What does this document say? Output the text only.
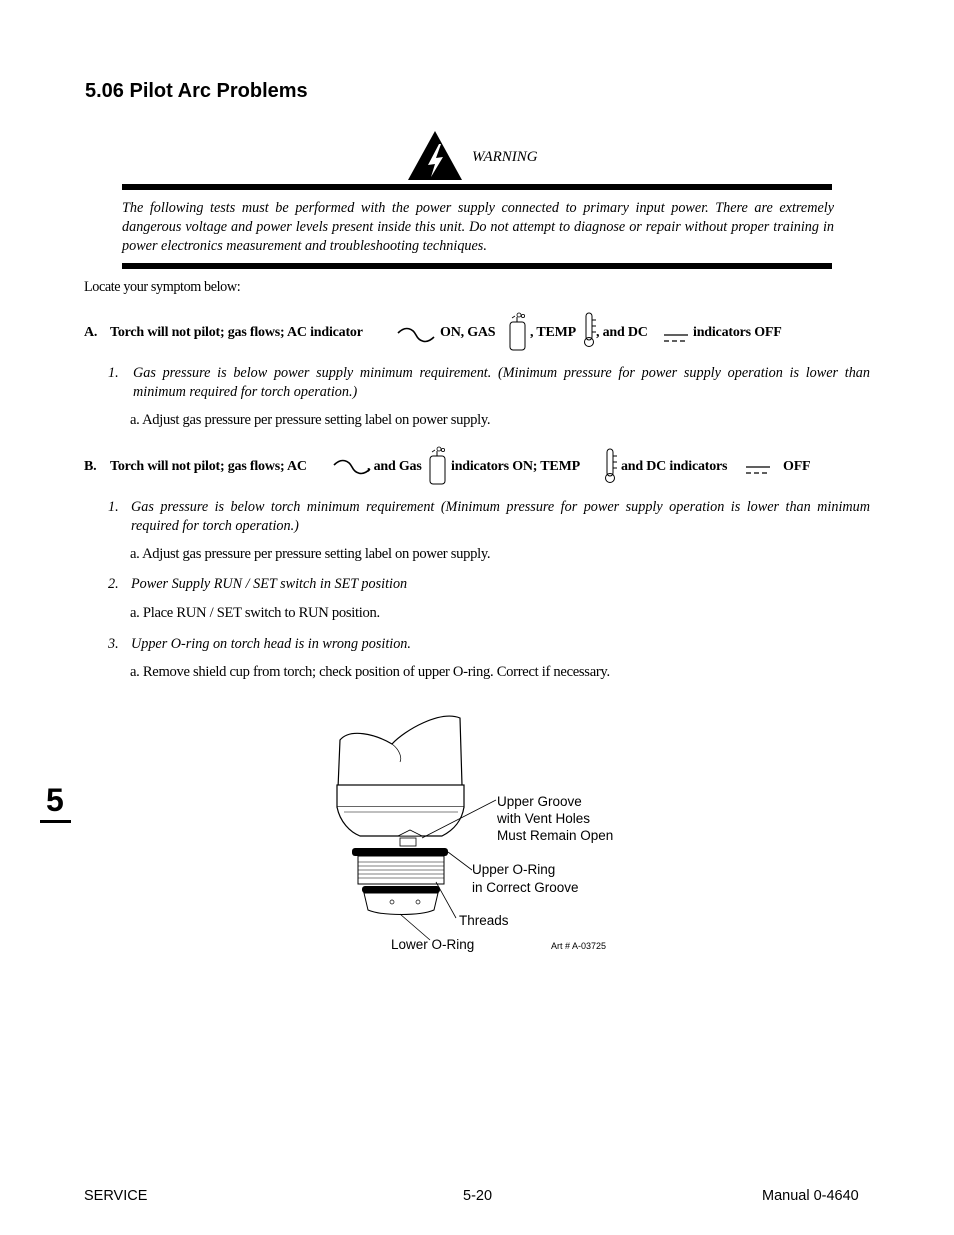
5.06 Pilot Arc Problems
WARNING
The following tests must be performed with the power supply connected to primary input power. There are extremely dangerous voltage and power levels present inside this unit. Do not attempt to diagnose or repair without proper training in power electronics measurement and troubleshooting techniques.
Locate your symptom below:
A. Torch will not pilot; gas flows; AC indicator	ON, GAS , TEMP , and DC	indicators OFF
1. Gas pressure is below power supply minimum requirement. (Minimum pressure for power supply operation is lower than minimum required for torch operation.)
a. Adjust gas pressure per pressure setting label on power supply.
B. Torch will not pilot; gas flows; AC	, and Gas indicators ON; TEMP	and DC indicators	OFF
1. Gas pressure is below torch minimum requirement (Minimum pressure for power supply operation is lower than minimum required for torch operation.)
a. Adjust gas pressure per pressure setting label on power supply.
2. Power Supply RUN / SET switch in SET position
a. Place RUN / SET switch to RUN position.
3. Upper O-ring on torch head is in wrong position.
a. Remove shield cup from torch; check position of upper O-ring. Correct if necessary.
Upper Groove
with Vent Holes
Must Remain Open
Upper O-Ring
in Correct Groove
Threads
Lower O-Ring	Art # A-03725
5
SERVICE	5-20	Manual 0-4640
